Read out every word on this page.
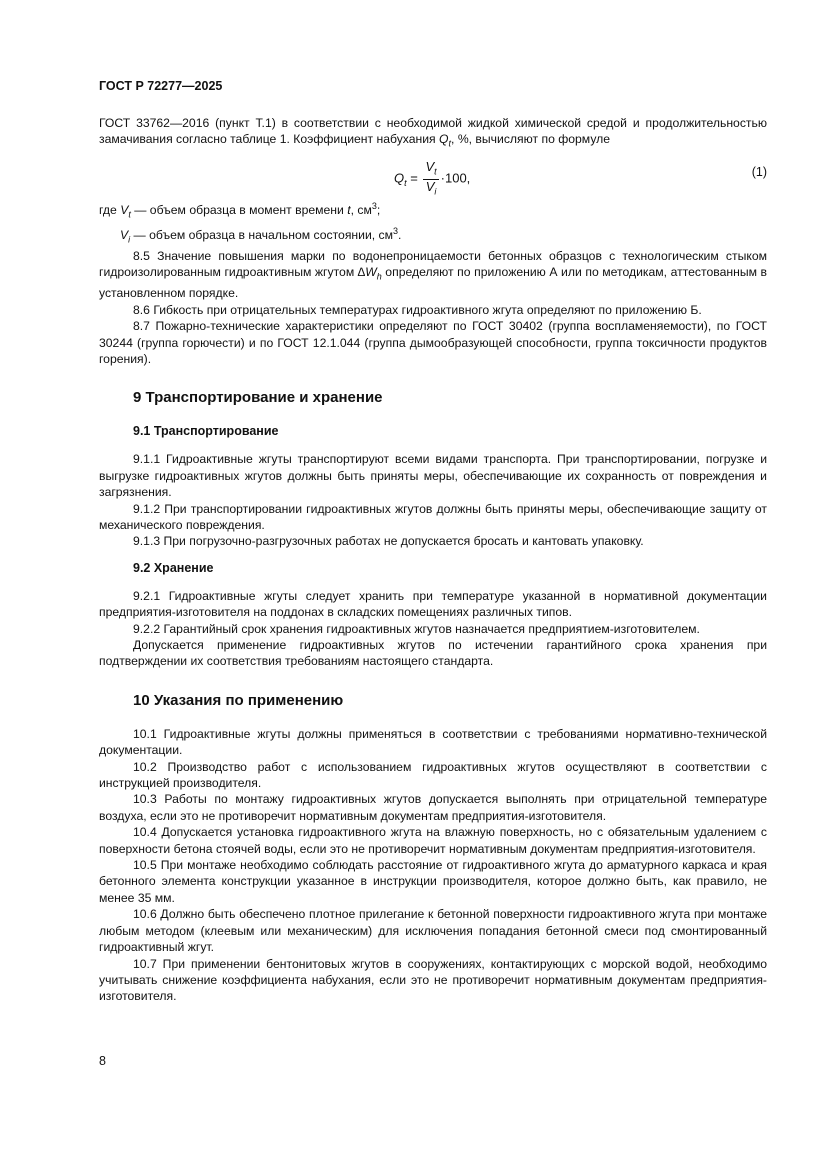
ГОСТ Р 72277—2025

ГОСТ 33762—2016 (пункт Т.1) в соответствии с необходимой жидкой химической средой и продолжительностью замачивания согласно таблице 1. Коэффициент набухания $Q_t$, %, вычисляют по формуле

$Q_t = \frac{V_t}{V_i} \cdot 100$,	(1)

где $V_t$ — объем образца в момент времени t, $см^3$;

$V_i$ — объем образца в начальном состоянии, $см^3$.

8.5 Значение повышения марки по водонепроницаемости бетонных образцов с технологическим стыком гидроизолированным гидроактивным жгутом $\Delta W_h$ определяют по приложению А или по методикам, аттестованным в установленном порядке.

8.6 Гибкость при отрицательных температурах гидроактивного жгута определяют по приложению Б.

8.7 Пожарно-технические характеристики определяют по ГОСТ 30402 (группа воспламеняемости), по ГОСТ 30244 (группа горючести) и по ГОСТ 12.1.044 (группа дымообразующей способности, группа токсичности продуктов горения).

9 Транспортирование и хранение
9.1 Транспортирование

9.1.1 Гидроактивные жгуты транспортируют всеми видами транспорта. При транспортировании, погрузке и выгрузке гидроактивных жгутов должны быть приняты меры, обеспечивающие их сохранность от повреждения и загрязнения.

9.1.2 При транспортировании гидроактивных жгутов должны быть приняты меры, обеспечивающие защиту от механического повреждения.

9.1.3 При погрузочно-разгрузочных работах не допускается бросать и кантовать упаковку.

9.2 Хранение

9.2.1 Гидроактивные жгуты следует хранить при температуре указанной в нормативной документации предприятия-изготовителя на поддонах в складских помещениях различных типов.

9.2.2 Гарантийный срок хранения гидроактивных жгутов назначается предприятием-изготовителем.

Допускается применение гидроактивных жгутов по истечении гарантийного срока хранения при подтверждении их соответствия требованиям настоящего стандарта.

10 Указания по применению

10.1 Гидроактивные жгуты должны применяться в соответствии с требованиями нормативно-технической документации.

10.2 Производство работ с использованием гидроактивных жгутов осуществляют в соответствии с инструкцией производителя.

10.3 Работы по монтажу гидроактивных жгутов допускается выполнять при отрицательной температуре воздуха, если это не противоречит нормативным документам предприятия-изготовителя.

10.4 Допускается установка гидроактивного жгута на влажную поверхность, но с обязательным удалением с поверхности бетона стоячей воды, если это не противоречит нормативным документам предприятия-изготовителя.

10.5 При монтаже необходимо соблюдать расстояние от гидроактивного жгута до арматурного каркаса и края бетонного элемента конструкции указанное в инструкции производителя, которое должно быть, как правило, не менее 35 мм.

10.6 Должно быть обеспечено плотное прилегание к бетонной поверхности гидроактивного жгута при монтаже любым методом (клеевым или механическим) для исключения попадания бетонной смеси под смонтированный гидроактивный жгут.

10.7 При применении бентонитовых жгутов в сооружениях, контактирующих с морской водой, необходимо учитывать снижение коэффициента набухания, если это не противоречит нормативным документам предприятия-изготовителя.

8
